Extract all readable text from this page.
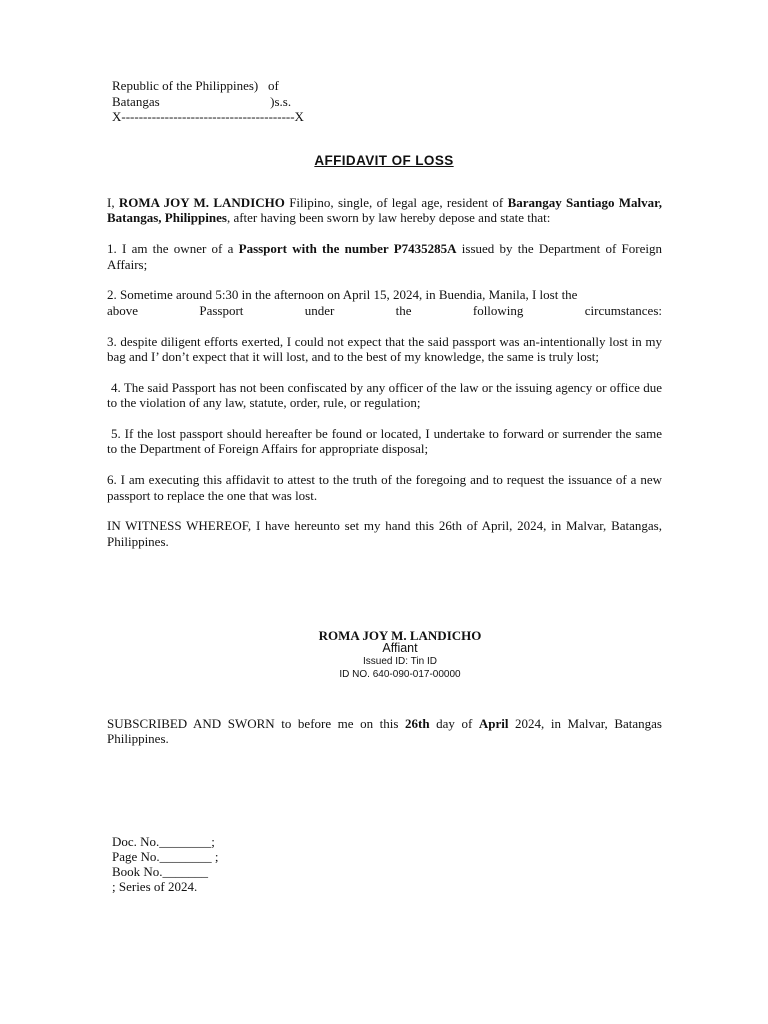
Republic of the Philippines)   of
Batangas                                  )s.s.
X----------------------------------------X
AFFIDAVIT OF LOSS

I, ROMA JOY M. LANDICHO Filipino, single, of legal age, resident of Barangay Santiago Malvar, Batangas, Philippines, after having been sworn by law hereby depose and state that:

1. I am the owner of a Passport with the number P7435285A issued by the Department of Foreign Affairs;

2. Sometime around 5:30 in the afternoon on April 15, 2024, in Buendia, Manila, I lost the

above Passport under the following circumstances:

3. despite diligent efforts exerted, I could not expect that the said passport was an-intentionally lost in my bag and I’ don’t expect that it will lost, and to the best of my knowledge, the same is truly lost;

4. The said Passport has not been confiscated by any officer of the law or the issuing agency or office due to the violation of any law, statute, order, rule, or regulation;

5. If the lost passport should hereafter be found or located, I undertake to forward or surrender the same to the Department of Foreign Affairs for appropriate disposal;

6. I am executing this affidavit to attest to the truth of the foregoing and to request the issuance of a new passport to replace the one that was lost.

IN WITNESS WHEREOF, I have hereunto set my hand this 26th of April, 2024, in Malvar, Batangas, Philippines.

ROMA JOY M. LANDICHO
Affiant
Issued ID: Tin ID
ID NO. 640-090-017-00000

SUBSCRIBED AND SWORN to before me on this 26th day of April 2024, in Malvar, Batangas Philippines.

Doc. No.________;
Page No.________ ;
Book No._______
; Series of 2024.
